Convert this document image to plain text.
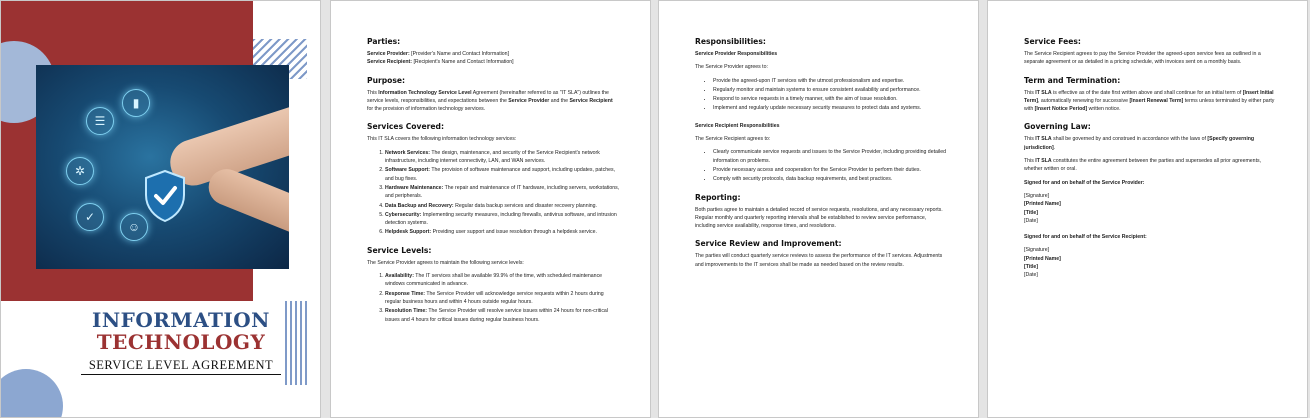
☰
▮
✲
✓
☺
INFORMATION
TECHNOLOGY
SERVICE LEVEL AGREEMENT
Parties:
Service Provider: [Provider's Name and Contact Information]
Service Recipient: [Recipient's Name and Contact Information]
Purpose:

This Information Technology Service Level Agreement (hereinafter referred to as "IT SLA") outlines the service levels, responsibilities, and expectations between the Service Provider and the Service Recipient for the provision of information technology services.

Services Covered:

This IT SLA covers the following information technology services:

1. Network Services: The design, maintenance, and security of the Service Recipient's network infrastructure, including internet connectivity, LAN, and WAN services.
2. Software Support: The provision of software maintenance and support, including updates, patches, and bug fixes.
3. Hardware Maintenance: The repair and maintenance of IT hardware, including servers, workstations, and peripherals.
4. Data Backup and Recovery: Regular data backup services and disaster recovery planning.
5. Cybersecurity: Implementing security measures, including firewalls, antivirus software, and intrusion detection systems.
6. Helpdesk Support: Providing user support and issue resolution through a helpdesk service.
Service Levels:

The Service Provider agrees to maintain the following service levels:

1. Availability: The IT services shall be available 99.9% of the time, with scheduled maintenance windows communicated in advance.
2. Response Time: The Service Provider will acknowledge service requests within 2 hours during regular business hours and within 4 hours outside regular hours.
3. Resolution Time: The Service Provider will resolve service issues within 24 hours for non-critical issues and 4 hours for critical issues during regular business hours.
Responsibilities:
Service Provider Responsibilities

The Service Provider agrees to:

• Provide the agreed-upon IT services with the utmost professionalism and expertise.
• Regularly monitor and maintain systems to ensure consistent availability and performance.
• Respond to service requests in a timely manner, with the aim of issue resolution.
• Implement and regularly update necessary security measures to protect data and systems.
Service Recipient Responsibilities

The Service Recipient agrees to:

• Clearly communicate service requests and issues to the Service Provider, including providing detailed information on problems.
• Provide necessary access and cooperation for the Service Provider to perform their duties.
• Comply with security protocols, data backup requirements, and best practices.
Reporting:

Both parties agree to maintain a detailed record of service requests, resolutions, and any necessary reports. Regular monthly and quarterly reporting intervals shall be established to review service performance, including service availability, response times, and resolutions.

Service Review and Improvement:

The parties will conduct quarterly service reviews to assess the performance of the IT services. Adjustments and improvements to the IT services shall be made as needed based on the review results.

Service Fees:

The Service Recipient agrees to pay the Service Provider the agreed-upon service fees as outlined in a separate agreement or as detailed in a pricing schedule, with invoices sent on a monthly basis.

Term and Termination:

This IT SLA is effective as of the date first written above and shall continue for an initial term of [Insert Initial Term], automatically renewing for successive [Insert Renewal Term] terms unless terminated by either party with [Insert Notice Period] written notice.

Governing Law:

This IT SLA shall be governed by and construed in accordance with the laws of [Specify governing jurisdiction].

This IT SLA constitutes the entire agreement between the parties and supersedes all prior agreements, whether written or oral.

Signed for and on behalf of the Service Provider:

[Signature]
[Printed Name]
[Title]
[Date]

Signed for and on behalf of the Service Recipient:

[Signature]
[Printed Name]
[Title]
[Date]
